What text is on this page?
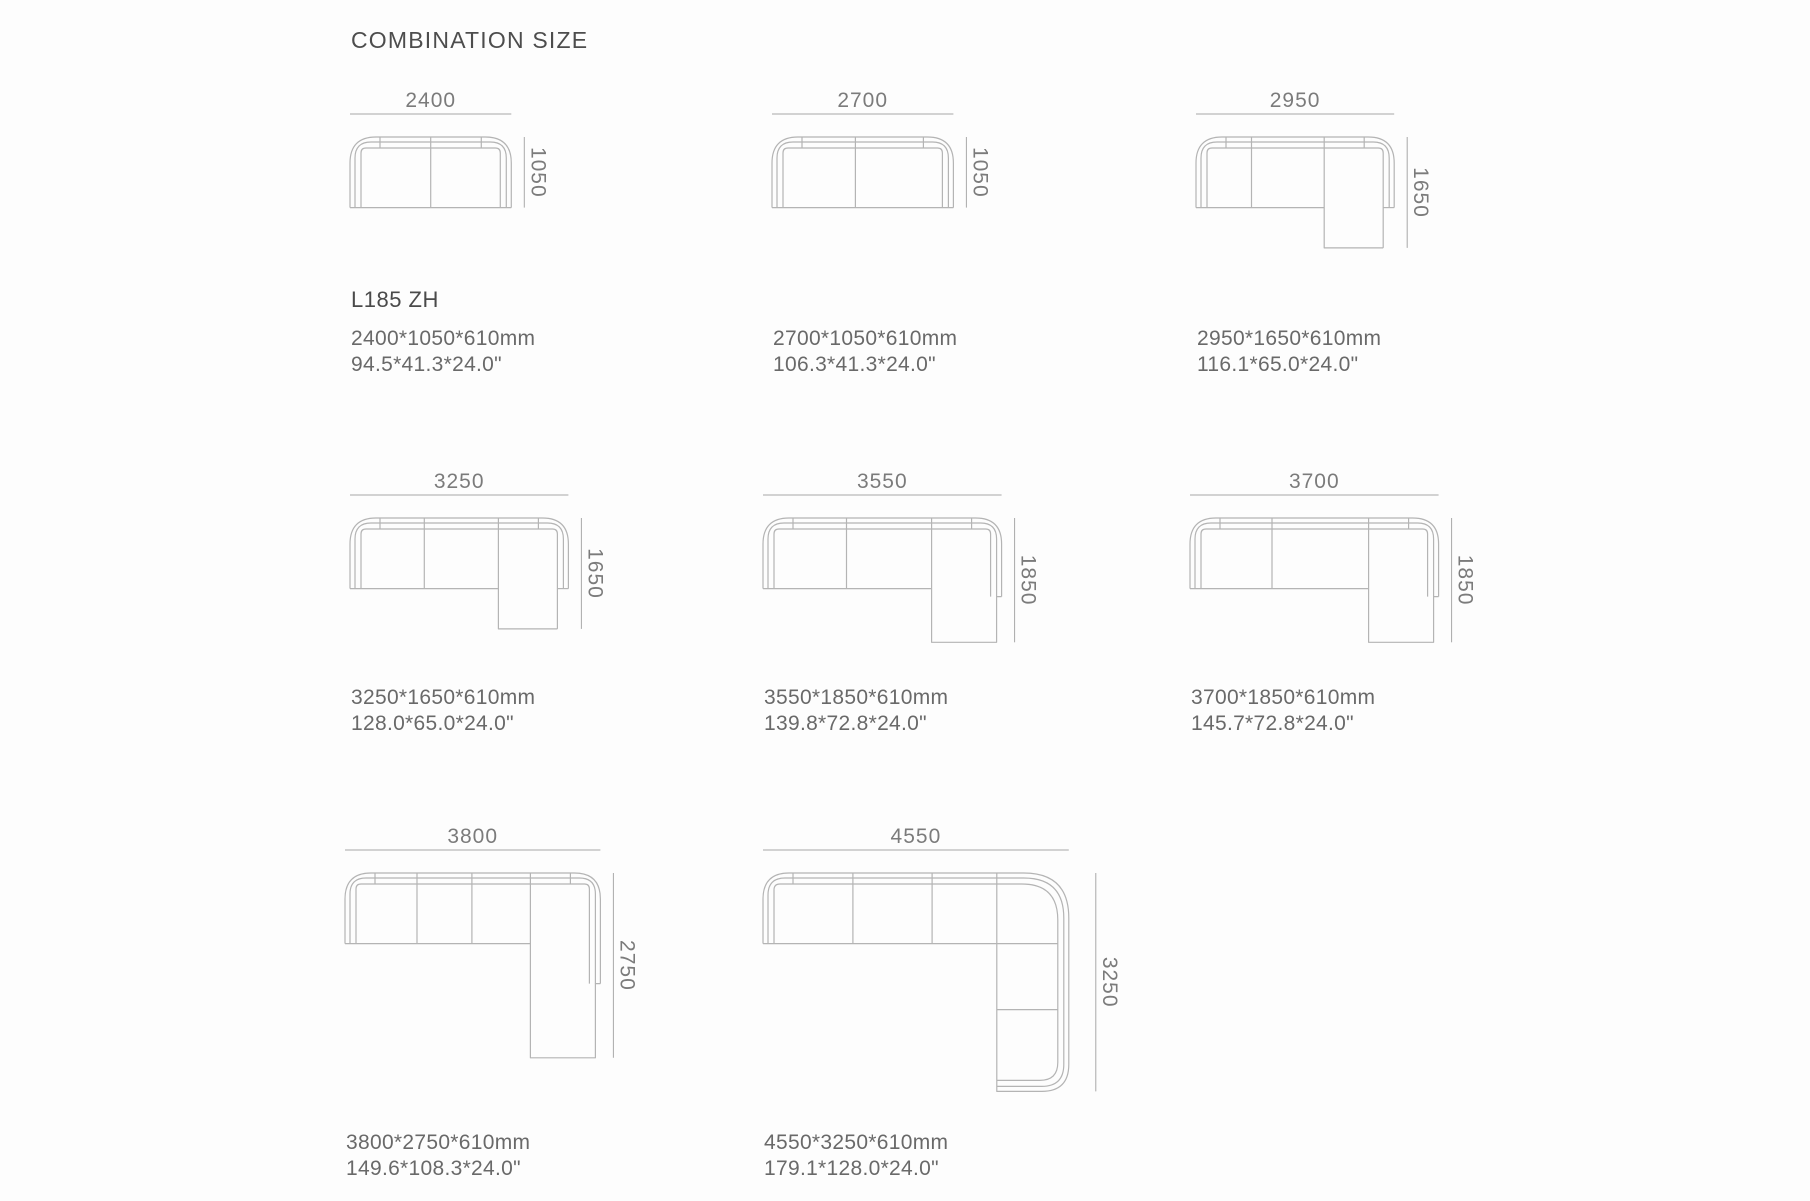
COMBINATION SIZE
L185 ZH
2400
1050
2400*1050*610mm
94.5*41.3*24.0"
2700
1050
2700*1050*610mm
106.3*41.3*24.0"
2950
1650
2950*1650*610mm
116.1*65.0*24.0"
3250
1650
3250*1650*610mm
128.0*65.0*24.0"
3550
1850
3550*1850*610mm
139.8*72.8*24.0"
3700
1850
3700*1850*610mm
145.7*72.8*24.0"
3800
2750
3800*2750*610mm
149.6*108.3*24.0"
4550
3250
4550*3250*610mm
179.1*128.0*24.0"
